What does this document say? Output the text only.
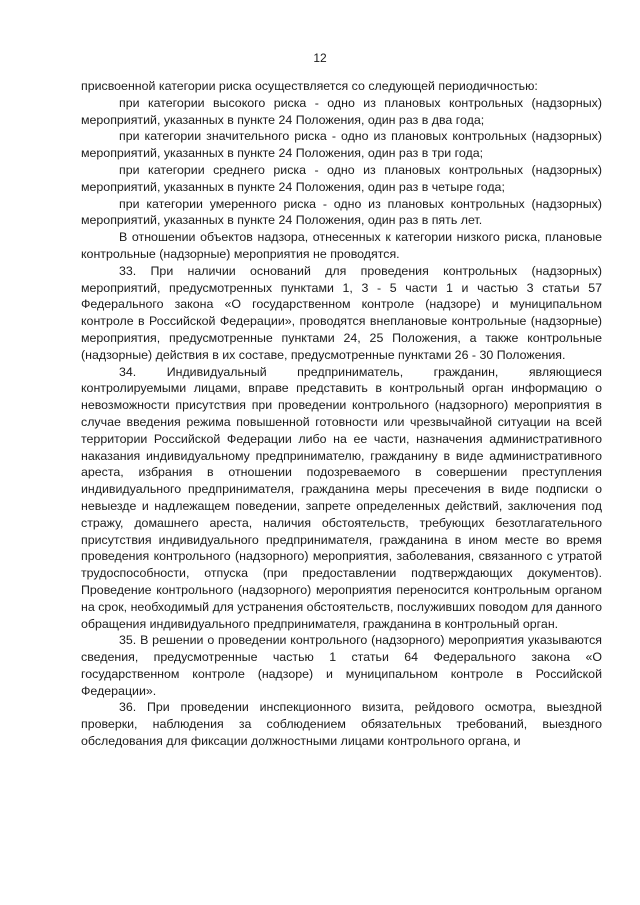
12

присвоенной категории риска осуществляется со следующей периодичностью:

при категории высокого риска - одно из плановых контрольных (надзорных) мероприятий, указанных в пункте 24 Положения, один раз в два года;

при категории значительного риска - одно из плановых контрольных (надзорных) мероприятий, указанных в пункте 24 Положения, один раз в три года;

при категории среднего риска - одно из плановых контрольных (надзорных) мероприятий, указанных в пункте 24 Положения, один раз в четыре года;

при категории умеренного риска - одно из плановых контрольных (надзорных) мероприятий, указанных в пункте 24 Положения, один раз в пять лет.

В отношении объектов надзора, отнесенных к категории низкого риска, плановые контрольные (надзорные) мероприятия не проводятся.

33. При наличии оснований для проведения контрольных (надзорных) мероприятий, предусмотренных пунктами 1, 3 - 5 части 1 и частью 3 статьи 57 Федерального закона «О государственном контроле (надзоре) и муниципальном контроле в Российской Федерации», проводятся внеплановые контрольные (надзорные) мероприятия, предусмотренные пунктами 24, 25 Положения, а также контрольные (надзорные) действия в их составе, предусмотренные пунктами 26 - 30 Положения.

34. Индивидуальный предприниматель, гражданин, являющиеся контролируемыми лицами, вправе представить в контрольный орган информацию о невозможности присутствия при проведении контрольного (надзорного) мероприятия в случае введения режима повышенной готовности или чрезвычайной ситуации на всей территории Российской Федерации либо на ее части, назначения административного наказания индивидуальному предпринимателю, гражданину в виде административного ареста, избрания в отношении подозреваемого в совершении преступления индивидуального предпринимателя, гражданина меры пресечения в виде подписки о невыезде и надлежащем поведении, запрете определенных действий, заключения под стражу, домашнего ареста, наличия обстоятельств, требующих безотлагательного присутствия индивидуального предпринимателя, гражданина в ином месте во время проведения контрольного (надзорного) мероприятия, заболевания, связанного с утратой трудоспособности, отпуска (при предоставлении подтверждающих документов). Проведение контрольного (надзорного) мероприятия переносится контрольным органом на срок, необходимый для устранения обстоятельств, послуживших поводом для данного обращения индивидуального предпринимателя, гражданина в контрольный орган.

35. В решении о проведении контрольного (надзорного) мероприятия указываются сведения, предусмотренные частью 1 статьи 64 Федерального закона «О государственном контроле (надзоре) и муниципальном контроле в Российской Федерации».

36. При проведении инспекционного визита, рейдового осмотра, выездной проверки, наблюдения за соблюдением обязательных требований, выездного обследования для фиксации должностными лицами контрольного органа, и
